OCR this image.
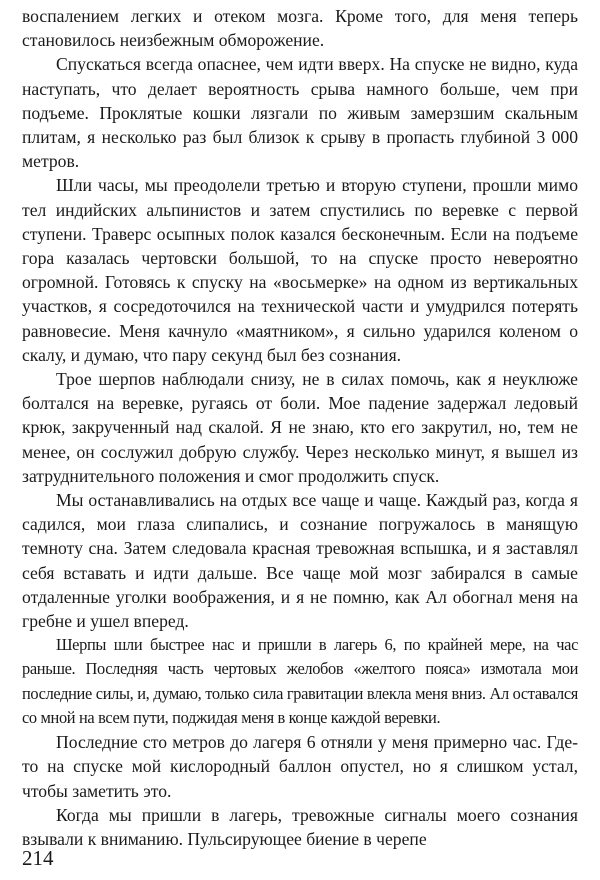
воспалением легких и отеком мозга. Кроме того, для меня теперь становилось неизбежным обморожение.

Спускаться всегда опаснее, чем идти вверх. На спуске не видно, куда наступать, что делает вероятность срыва намного больше, чем при подъеме. Проклятые кошки лязгали по живым замерзшим скальным плитам, я несколько раз был близок к срыву в пропасть глубиной 3 000 метров.

Шли часы, мы преодолели третью и вторую ступени, прошли мимо тел индийских альпинистов и затем спустились по веревке с первой ступени. Траверс осыпных полок казался бесконечным. Если на подъеме гора казалась чертовски большой, то на спуске просто невероятно огромной. Готовясь к спуску на «восьмерке» на одном из вертикальных участков, я сосредоточился на технической части и умудрился потерять равновесие. Меня качнуло «маятником», я сильно ударился коленом о скалу, и думаю, что пару секунд был без сознания.

Трое шерпов наблюдали снизу, не в силах помочь, как я неуклюже болтался на веревке, ругаясь от боли. Мое падение задержал ледовый крюк, закрученный над скалой. Я не знаю, кто его закрутил, но, тем не менее, он сослужил добрую службу. Через несколько минут, я вышел из затруднительного положения и смог продолжить спуск.

Мы останавливались на отдых все чаще и чаще. Каждый раз, когда я садился, мои глаза слипались, и сознание погружалось в манящую темноту сна. Затем следовала красная тревожная вспышка, и я заставлял себя вставать и идти дальше. Все чаще мой мозг забирался в самые отдаленные уголки воображения, и я не помню, как Ал обогнал меня на гребне и ушел вперед.

Шерпы шли быстрее нас и пришли в лагерь 6, по крайней мере, на час раньше. Последняя часть чертовых желобов «желтого пояса» измотала мои последние силы, и, думаю, только сила гравитации влекла меня вниз. Ал оставался со мной на всем пути, поджидая меня в конце каждой веревки.

Последние сто метров до лагеря 6 отняли у меня примерно час. Где-то на спуске мой кислородный баллон опустел, но я слишком устал, чтобы заметить это.

Когда мы пришли в лагерь, тревожные сигналы моего сознания взывали к вниманию. Пульсирующее биение в черепе

214
